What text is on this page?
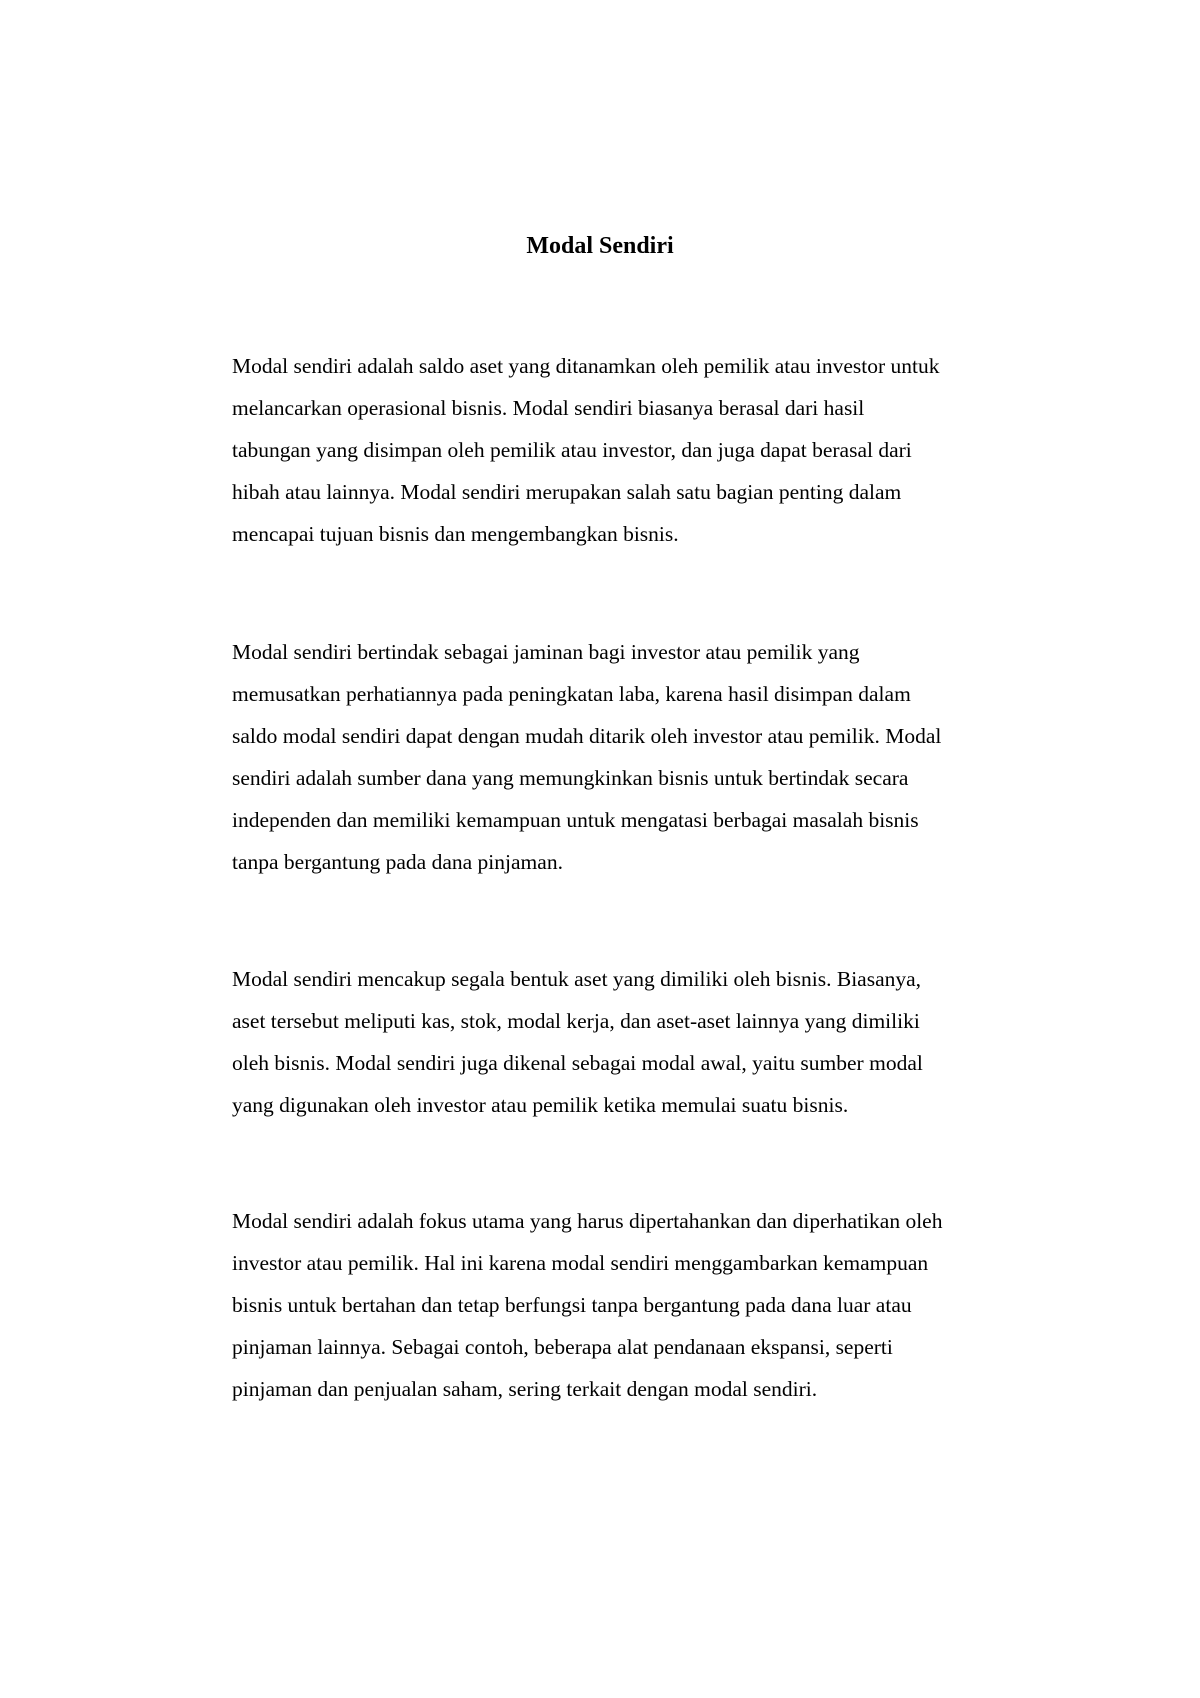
Modal Sendiri

Modal sendiri adalah saldo aset yang ditanamkan oleh pemilik atau investor untuk
melancarkan operasional bisnis. Modal sendiri biasanya berasal dari hasil
tabungan yang disimpan oleh pemilik atau investor, dan juga dapat berasal dari
hibah atau lainnya. Modal sendiri merupakan salah satu bagian penting dalam
mencapai tujuan bisnis dan mengembangkan bisnis.

Modal sendiri bertindak sebagai jaminan bagi investor atau pemilik yang
memusatkan perhatiannya pada peningkatan laba, karena hasil disimpan dalam
saldo modal sendiri dapat dengan mudah ditarik oleh investor atau pemilik. Modal
sendiri adalah sumber dana yang memungkinkan bisnis untuk bertindak secara
independen dan memiliki kemampuan untuk mengatasi berbagai masalah bisnis
tanpa bergantung pada dana pinjaman.

Modal sendiri mencakup segala bentuk aset yang dimiliki oleh bisnis. Biasanya,
aset tersebut meliputi kas, stok, modal kerja, dan aset-aset lainnya yang dimiliki
oleh bisnis. Modal sendiri juga dikenal sebagai modal awal, yaitu sumber modal
yang digunakan oleh investor atau pemilik ketika memulai suatu bisnis.

Modal sendiri adalah fokus utama yang harus dipertahankan dan diperhatikan oleh
investor atau pemilik. Hal ini karena modal sendiri menggambarkan kemampuan
bisnis untuk bertahan dan tetap berfungsi tanpa bergantung pada dana luar atau
pinjaman lainnya. Sebagai contoh, beberapa alat pendanaan ekspansi, seperti
pinjaman dan penjualan saham, sering terkait dengan modal sendiri.
